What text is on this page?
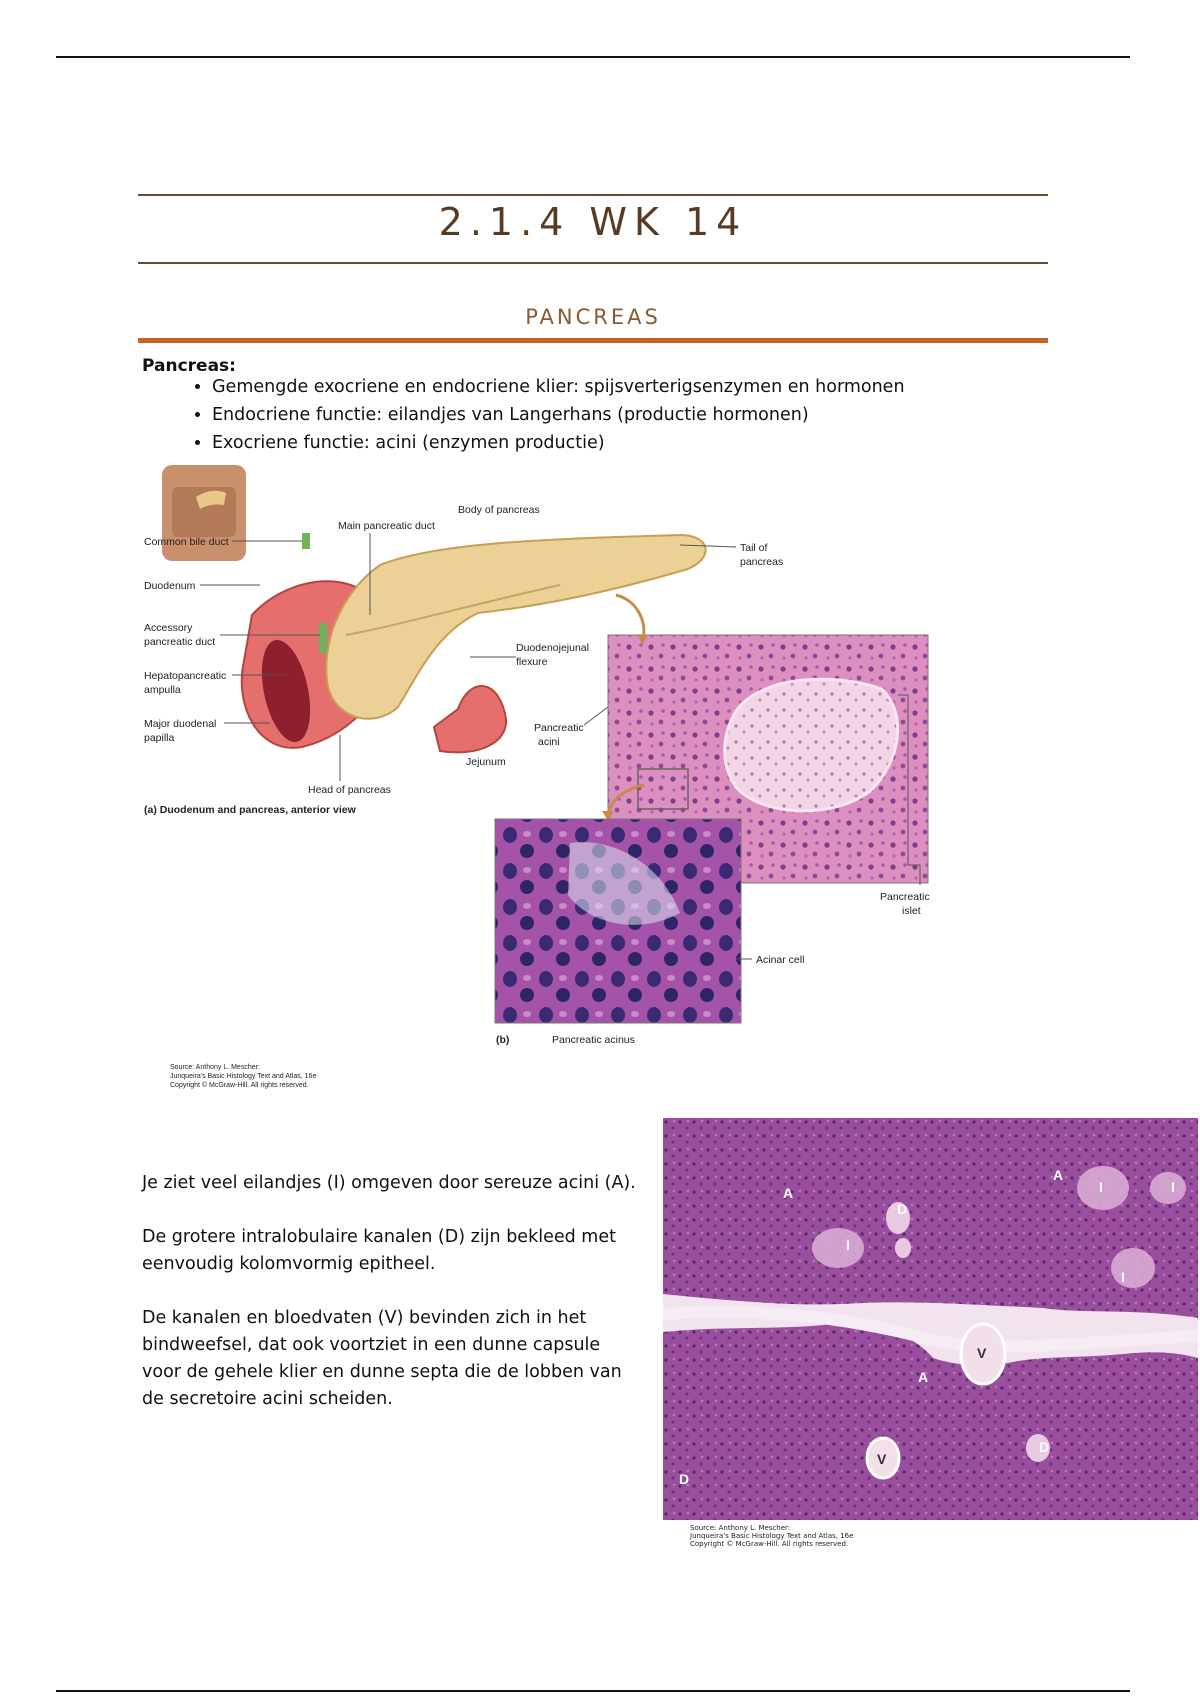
2.1.4 WK 14
PANCREAS
Pancreas:
• Gemengde exocriene en endocriene klier: spijsverterigsenzymen en hormonen
• Endocriene functie: eilandjes van Langerhans (productie hormonen)
• Exocriene functie: acini (enzymen productie)
Body of pancreas
Main pancreatic duct
Common bile duct
Duodenum
Accessory
pancreatic duct
Hepatopancreatic
ampulla
Major duodenal
papilla
Head of pancreas
(a) Duodenum and pancreas, anterior view
Tail of
pancreas
Duodenojejunal
flexure
Jejunum
Pancreatic
acini
Pancreatic
islet
Acinar cell
(b)	Pancreatic acinus
Source: Anthony L. Mescher:
Junqueira's Basic Histology Text and Atlas, 16e
Copyright © McGraw-Hill. All rights reserved.

Je ziet veel eilandjes (I) omgeven door sereuze acini (A).

De grotere intralobulaire kanalen (D) zijn bekleed met eenvoudig kolomvormig epitheel.

De kanalen en bloedvaten (V) bevinden zich in het bindweefsel, dat ook voortziet in een dunne capsule voor de gehele klier en dunne septa die de lobben van de secretoire acini scheiden.

A
A
A
D
D
D
I
I	I
I
V
V
Source: Anthony L. Mescher:
Junqueira's Basic Histology Text and Atlas, 16e
Copyright © McGraw-Hill. All rights reserved.
